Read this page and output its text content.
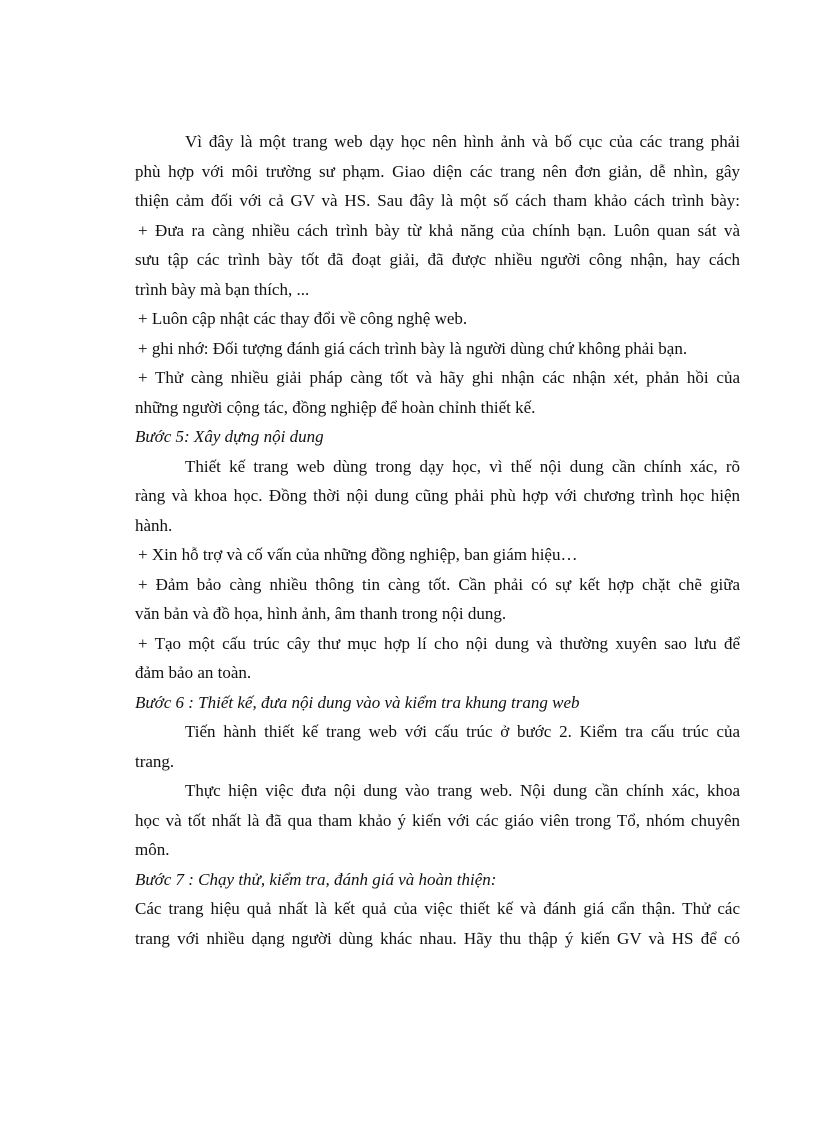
Vì đây là một trang web dạy học nên hình ảnh và bố cục của các trang phải
phù hợp với môi trường sư phạm. Giao diện các trang nên đơn giản, dễ nhìn, gây
thiện cảm đối với cả GV và HS. Sau đây là một số cách tham khảo cách trình bày:
+ Đưa ra càng nhiều cách trình bày từ khả năng của chính bạn. Luôn quan sát và
sưu tập các trình bày tốt đã đoạt giải, đã được nhiều người công nhận, hay cách
trình bày mà bạn thích, ...
+ Luôn cập nhật các thay đổi về công nghệ web.
+ ghi nhớ: Đối tượng đánh giá cách trình bày là người dùng chứ không phải bạn.
+ Thử càng nhiều giải pháp càng tốt và hãy ghi nhận các nhận xét, phản hồi của
những người cộng tác, đồng nghiệp để hoàn chỉnh thiết kế.
Bước 5: Xây dựng nội dung
Thiết kế trang web dùng trong dạy học, vì thế nội dung cần chính xác, rõ
ràng và khoa học. Đồng thời nội dung cũng phải phù hợp với chương trình học hiện
hành.
+ Xin hỗ trợ và cố vấn của những đồng nghiệp, ban giám hiệu…
+ Đảm bảo càng nhiều thông tin càng tốt. Cần phải có sự kết hợp chặt chẽ giữa
văn bản và đồ họa, hình ảnh, âm thanh trong nội dung.
+ Tạo một cấu trúc cây thư mục hợp lí cho nội dung và thường xuyên sao lưu để
đảm bảo an toàn.
Bước 6 : Thiết kế, đưa nội dung vào và kiểm tra khung trang web
Tiến hành thiết kế trang web với cấu trúc ở bước 2. Kiểm tra cấu trúc của
trang.
Thực hiện việc đưa nội dung vào trang web. Nội dung cần chính xác, khoa
học và tốt nhất là đã qua tham khảo ý kiến với các giáo viên trong Tổ, nhóm chuyên
môn.
Bước 7 : Chạy thử, kiểm tra, đánh giá và hoàn thiện:
Các trang hiệu quả nhất là kết quả của việc thiết kế và đánh giá cẩn thận. Thử các
trang với nhiều dạng người dùng khác nhau. Hãy thu thập ý kiến GV và HS để có
